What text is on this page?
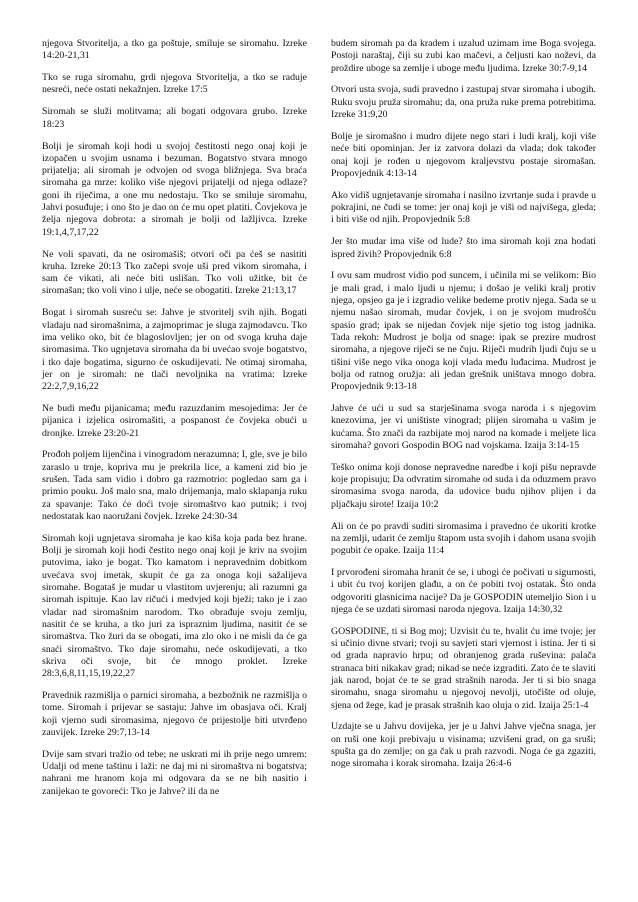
njegova Stvoritelja, a tko ga poštuje, smiluje se siromahu. Izreke 14:20-21,31

Tko se ruga siromahu, grdi njegova Stvoritelja, a tko se raduje nesreći, neće ostati nekažnjen. Izreke 17:5

Siromah se služi molitvama; ali bogati odgovara grubo. Izreke 18:23

Bolji je siromah koji hodi u svojoj čestitosti nego onaj koji je izopačen u svojim usnama i bezuman. Bogatstvo stvara mnogo prijatelja; ali siromah je odvojen od svoga bližnjega. Sva braća siromaha ga mrze: koliko više njegovi prijatelji od njega odlaze? goni ih riječima, a one mu nedostaju. Tko se smiluje siromahu, Jahvi posuđuje; i ono što je dao on će mu opet platiti. Čovjekova je želja njegova dobrota: a siromah je bolji od lažljivca. Izreke 19:1,4,7,17,22

Ne voli spavati, da ne osiromašiš; otvori oči pa ćeš se nasititi kruha. Izreke 20:13 Tko začepi svoje uši pred vikom siromaha, i sam će vikati, ali neće biti uslišan. Tko voli užitke, bit će siromašan; tko voli vino i ulje, neće se obogatiti. Izreke 21:13,17

Bogat i siromah susreću se: Jahve je stvoritelj svih njih. Bogati vladaju nad siromašnima, a zajmoprimac je sluga zajmodavcu. Tko ima veliko oko, bit će blagoslovljen; jer on od svoga kruha daje siromasima. Tko ugnjetava siromaha da bi uvećao svoje bogatstvo, i tko daje bogatima, sigurno će oskudijevati. Ne otimaj siromaha, jer on je siromah: ne tlači nevoljnika na vratima: Izreke 22:2,7,9,16,22

Ne budi među pijanicama; među razuzdanim mesojedima: Jer će pijanica i izjelica osiromašiti, a pospanost će čovjeka obući u dronjke. Izreke 23:20-21

Prođoh poljem lijenčina i vinogradom nerazumna; I, gle, sve je bilo zaraslo u trnje, kopriva mu je prekrila lice, a kameni zid bio je srušen. Tada sam vidio i dobro ga razmotrio: pogledao sam ga i primio pouku. Još malo sna, malo drijemanja, malo sklapanja ruku za spavanje: Tako će doći tvoje siromaštvo kao putnik; i tvoj nedostatak kao naoružani čovjek. Izreke 24:30-34

Siromah koji ugnjetava siromaha je kao kiša koja pada bez hrane. Bolji je siromah koji hodi čestito nego onaj koji je kriv na svojim putovima, iako je bogat. Tko kamatom i nepravednim dobitkom uvećava svoj imetak, skupit će ga za onoga koji sažalijeva siromahe. Bogataš je mudar u vlastitom uvjerenju; ali razumni ga siromah ispituje. Kao lav ričući i medvjed koji bježi; tako je i zao vladar nad siromašnim narodom. Tko obrađuje svoju zemlju, nasitit će se kruha, a tko juri za ispraznim ljudima, nasitit će se siromaštva. Tko žuri da se obogati, ima zlo oko i ne misli da će ga snaći siromaštvo. Tko daje siromahu, neće oskudijevati, a tko skriva oči svoje, bit će mnogo proklet. Izreke 28:3,6,8,11,15,19,22,27

Pravednik razmišlja o parnici siromaha, a bezbožnik ne razmišlja o tome. Siromah i prijevar se sastaju: Jahve im obasjava oči. Kralj koji vjerno sudi siromasima, njegovo će prijestolje biti utvrđeno zauvijek. Izreke 29:7,13-14

Dvije sam stvari tražio od tebe; ne uskrati mi ih prije nego umrem: Udalji od mene taštinu i laži: ne daj mi ni siromaštva ni bogatstva; nahrani me hranom koja mi odgovara da se ne bih nasitio i zanijekao te govoreći: Tko je Jahve? ili da ne

budem siromah pa da kradem i uzalud uzimam ime Boga svojega. Postoji naraštaj, čiji su zubi kao mačevi, a čeljusti kao noževi, da proždire uboge sa zemlje i uboge među ljudima. Izreke 30:7-9,14

Otvori usta svoja, sudi pravedno i zastupaj stvar siromaha i ubogih. Ruku svoju pruža siromahu; da, ona pruža ruke prema potrebitima. Izreke 31:9,20

Bolje je siromašno i mudro dijete nego stari i ludi kralj, koji više neće biti opominjan. Jer iz zatvora dolazi da vlada; dok također onaj koji je rođen u njegovom kraljevstvu postaje siromašan. Propovjednik 4:13-14

Ako vidiš ugnjetavanje siromaha i nasilno izvrtanje suda i pravde u pokrajini, ne čudi se tome: jer onaj koji je viši od najvišega, gleda; i biti više od njih. Propovjednik 5:8

Jer što mudar ima više od lude? što ima siromah koji zna hodati ispred živih? Propovjednik 6:8

I ovu sam mudrost vidio pod suncem, i učinila mi se velikom: Bio je mali grad, i malo ljudi u njemu; i došao je veliki kralj protiv njega, opsjeo ga je i izgradio velike bedeme protiv njega. Sada se u njemu našao siromah, mudar čovjek, i on je svojom mudrošću spasio grad; ipak se nijedan čovjek nije sjetio tog istog jadnika. Tada rekoh: Mudrost je bolja od snage: ipak se prezire mudrost siromaha, a njegove riječi se ne čuju. Riječi mudrih ljudi čuju se u tišini više nego vika onoga koji vlada među luđacima. Mudrost je bolja od ratnog oružja: ali jedan grešnik uništava mnogo dobra. Propovjednik 9:13-18

Jahve će ući u sud sa starješinama svoga naroda i s njegovim knezovima, jer vi uništiste vinograd; plijen siromaha u vašim je kućama. Što znači da razbijate moj narod na komade i meljete lica siromaha? govori Gospodin BOG nad vojskama. Izaija 3:14-15

Teško onima koji donose nepravedne naredbe i koji pišu nepravde koje propisuju; Da odvratim siromahe od suda i da oduzmem pravo siromasima svoga naroda, da udovice budu njihov plijen i da pljačkaju sirote! Izaija 10:2

Ali on će po pravdi suditi siromasima i pravedno će ukoriti krotke na zemlji, udarit će zemlju štapom usta svojih i dahom usana svojih pogubit će opake. Izaija 11:4

I prvorođeni siromaha hranit će se, i ubogi će počivati u sigurnosti, i ubit ću tvoj korijen glađu, a on će pobiti tvoj ostatak. Što onda odgovoriti glasnicima nacije? Da je GOSPODIN utemeljio Sion i u njega će se uzdati siromasi naroda njegova. Izaija 14:30,32

GOSPODINE, ti si Bog moj; Uzvisit ću te, hvalit ću ime tvoje; jer si učinio divne stvari; tvoji su savjeti stari vjernost i istina. Jer ti si od grada napravio hrpu; od obranjenog grada ruševina: palača stranaca biti nikakav grad; nikad se neće izgraditi. Zato će te slaviti jak narod, bojat će te se grad strašnih naroda. Jer ti si bio snaga siromahu, snaga siromahu u njegovoj nevolji, utočište od oluje, sjena od žege, kad je prasak strašnih kao oluja o zid. Izaija 25:1-4

Uzdajte se u Jahvu dovijeka, jer je u Jahvi Jahve vječna snaga, jer on ruši one koji prebivaju u visinama; uzvišeni grad, on ga sruši; spušta ga do zemlje; on ga čak u prah razvodi. Noga će ga zgaziti, noge siromaha i korak siromaha. Izaija 26:4-6
